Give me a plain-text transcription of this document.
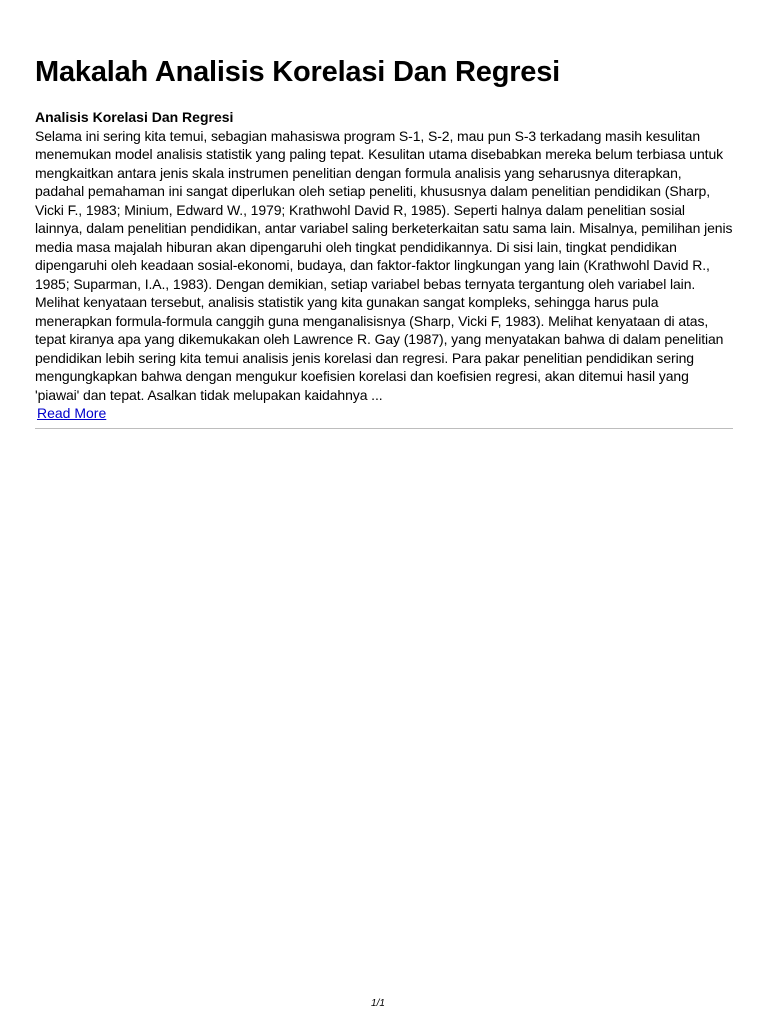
Makalah Analisis Korelasi Dan Regresi

Analisis Korelasi Dan Regresi

Selama ini sering kita temui, sebagian mahasiswa program S-1, S-2, mau pun S-3 terkadang masih kesulitan menemukan model analisis statistik yang paling tepat. Kesulitan utama disebabkan mereka belum terbiasa untuk mengkaitkan antara jenis skala instrumen penelitian dengan formula analisis yang seharusnya diterapkan, padahal pemahaman ini sangat diperlukan oleh setiap peneliti, khususnya dalam penelitian pendidikan (Sharp, Vicki F., 1983; Minium, Edward W., 1979; Krathwohl David R, 1985). Seperti halnya dalam penelitian sosial lainnya, dalam penelitian pendidikan, antar variabel saling berketerkaitan satu sama lain. Misalnya, pemilihan jenis media masa majalah hiburan akan dipengaruhi oleh tingkat pendidikannya. Di sisi lain, tingkat pendidikan dipengaruhi oleh keadaan sosial-ekonomi, budaya, dan faktor-faktor lingkungan yang lain (Krathwohl David R., 1985; Suparman, I.A., 1983). Dengan demikian, setiap variabel bebas ternyata tergantung oleh variabel lain. Melihat kenyataan tersebut, analisis statistik yang kita gunakan sangat kompleks, sehingga harus pula menerapkan formula-formula canggih guna menganalisisnya (Sharp, Vicki F, 1983). Melihat kenyataan di atas, tepat kiranya apa yang dikemukakan oleh Lawrence R. Gay (1987), yang menyatakan bahwa di dalam penelitian pendidikan lebih sering kita temui analisis jenis korelasi dan regresi. Para pakar penelitian pendidikan sering mengungkapkan bahwa dengan mengukur koefisien korelasi dan koefisien regresi, akan ditemui hasil yang 'piawai' dan tepat. Asalkan tidak melupakan kaidahnya ...

Read More
1/1
